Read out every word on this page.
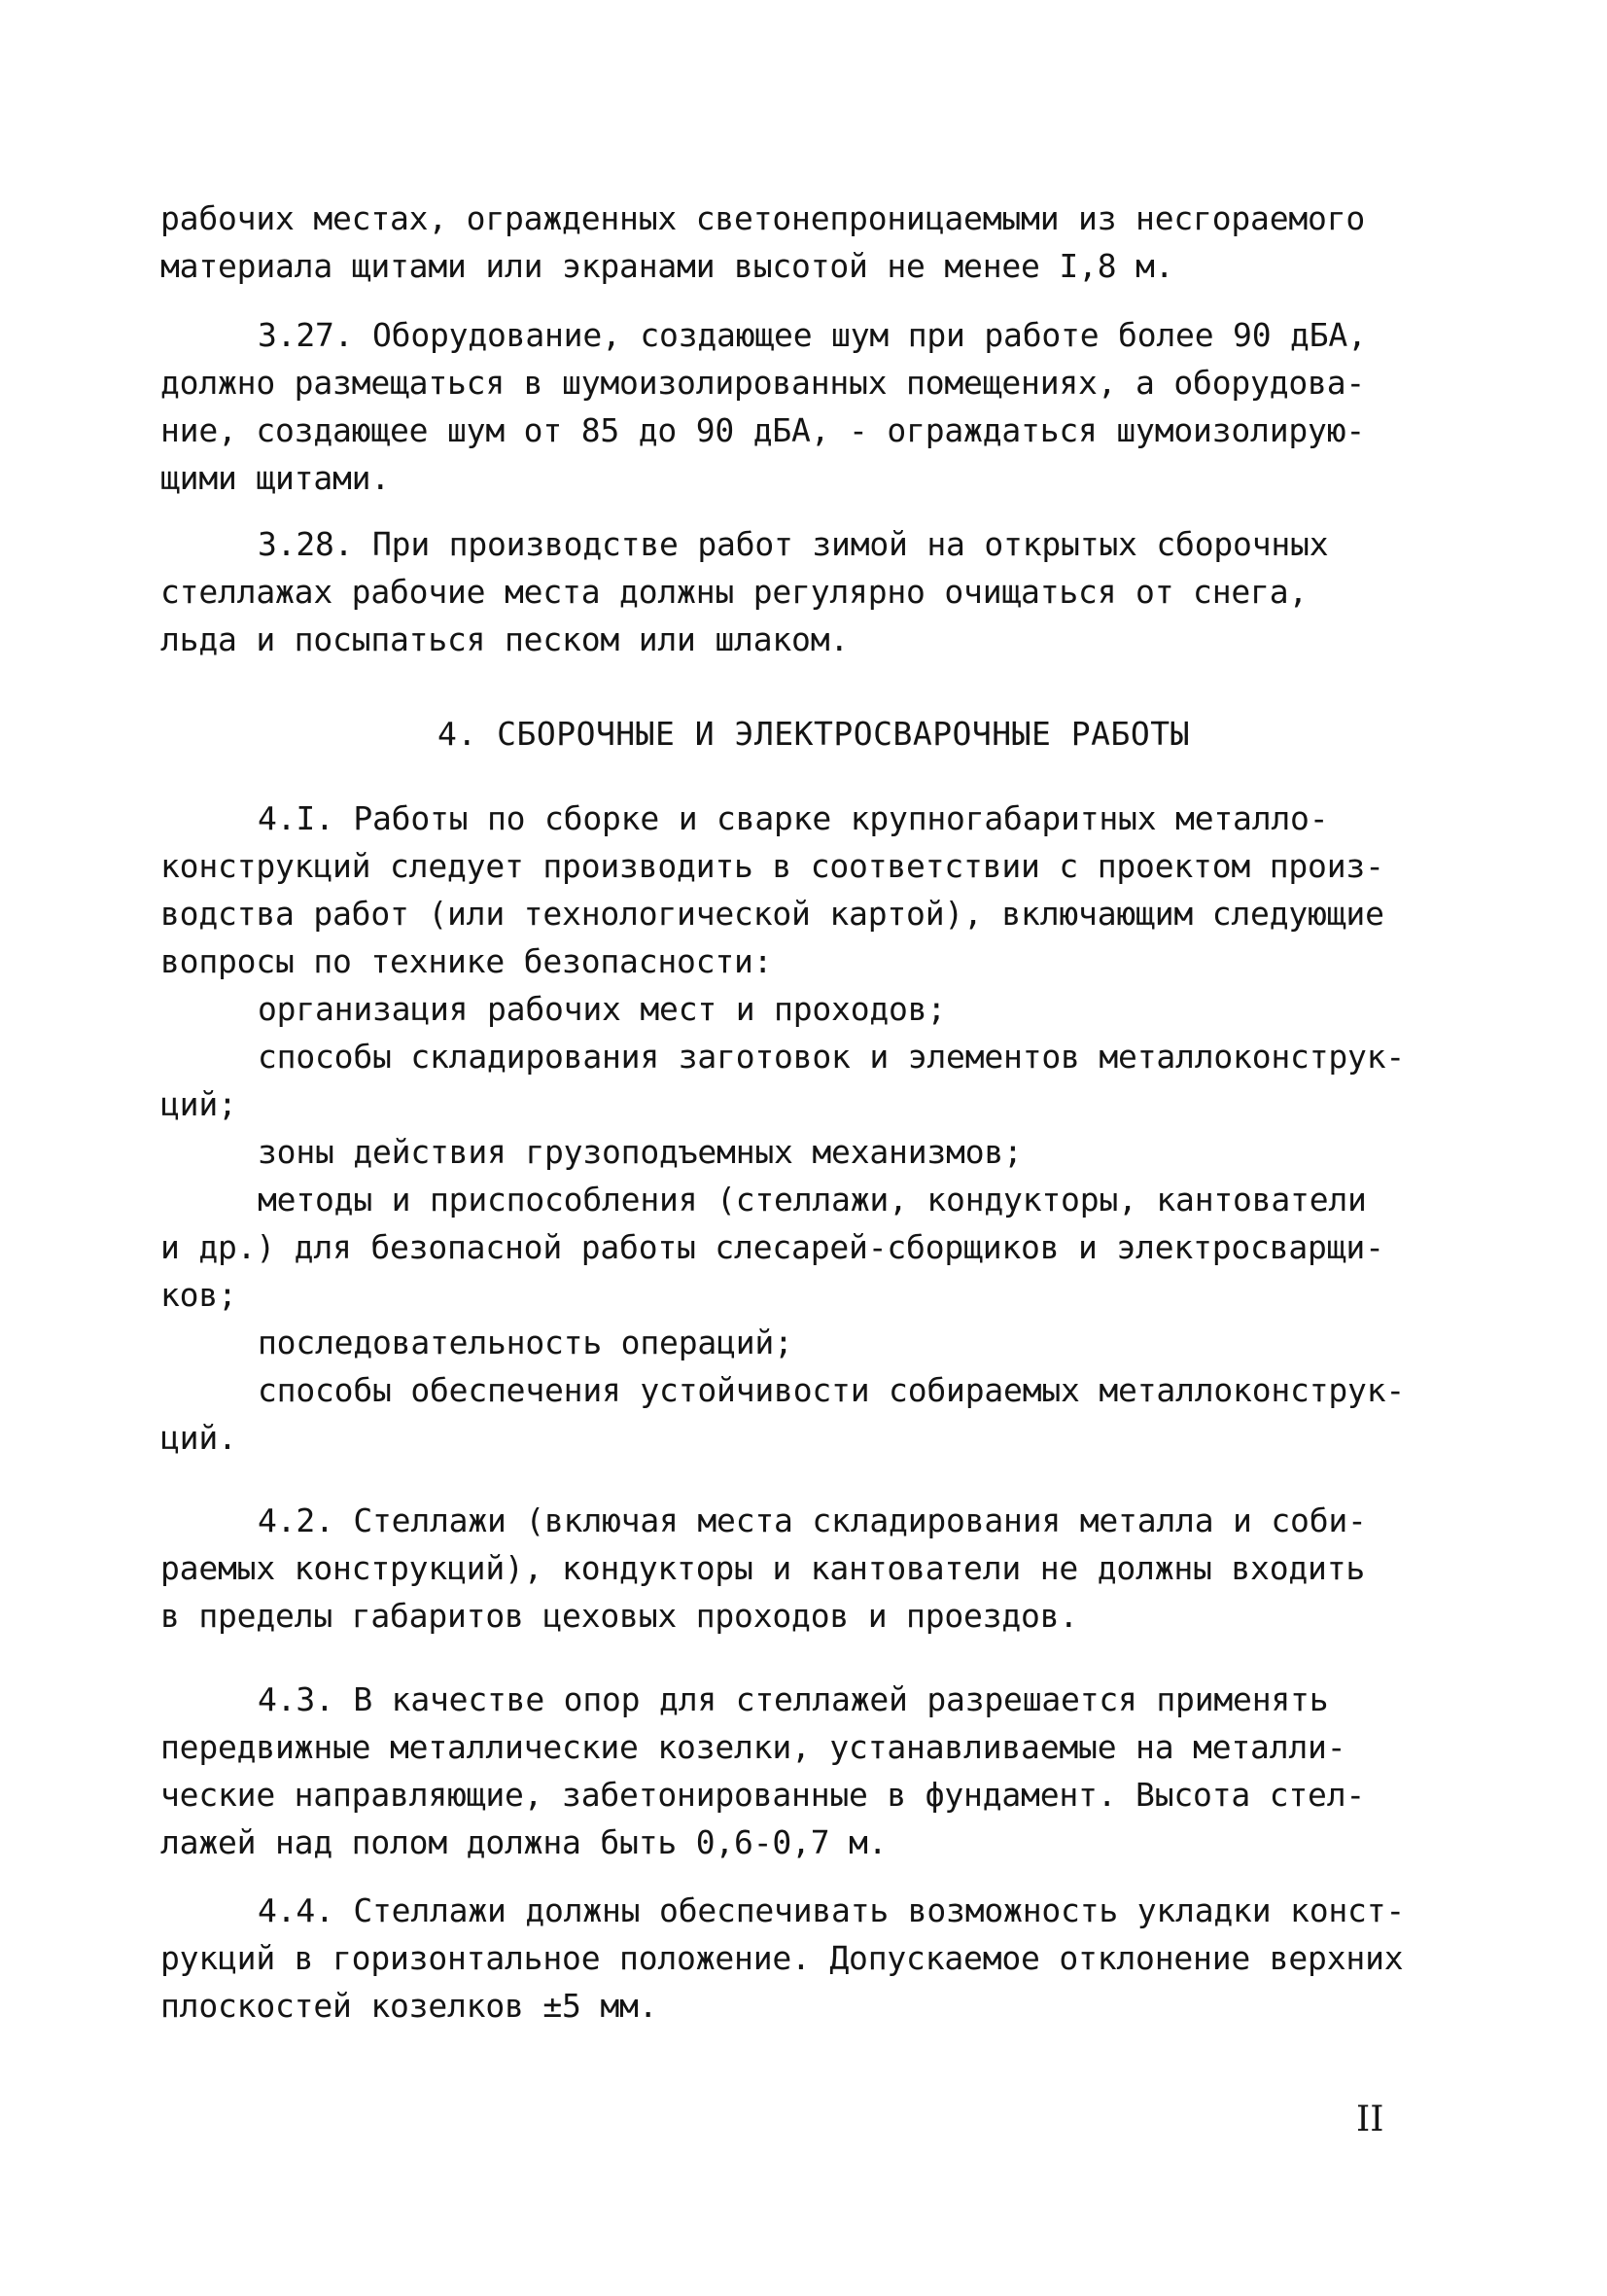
рабочих местах, огражденных светонепроницаемыми из несгораемого
материала щитами или экранами высотой не менее I,8 м.
3.27. Оборудование, создающее шум при работе более 90 дБА,
должно размещаться в шумоизолированных помещениях, а оборудова-
ние, создающее шум от 85 до 90 дБА, - ограждаться шумоизолирую-
щими щитами.
3.28. При производстве работ зимой на открытых сборочных
стеллажах рабочие места должны регулярно очищаться от снега,
льда и посыпаться песком или шлаком.
4. СБОРОЧНЫЕ И ЭЛЕКТРОСВАРОЧНЫЕ РАБОТЫ
4.I. Работы по сборке и сварке крупногабаритных металло-
конструкций следует производить в соответствии с проектом произ-
водства работ (или технологической картой), включающим следующие
вопросы по технике безопасности:
организация рабочих мест и проходов;
способы складирования заготовок и элементов металлоконструк-
ций;
зоны действия грузоподъемных механизмов;
методы и приспособления (стеллажи, кондукторы, кантователи
и др.) для безопасной работы слесарей-сборщиков и электросварщи-
ков;
последовательность операций;
способы обеспечения устойчивости собираемых металлоконструк-
ций.
4.2. Стеллажи (включая места складирования металла и соби-
раемых конструкций), кондукторы и кантователи не должны входить
в пределы габаритов цеховых проходов и проездов.
4.3. В качестве опор для стеллажей разрешается применять
передвижные металлические козелки, устанавливаемые на металли-
ческие направляющие, забетонированные в фундамент. Высота стел-
лажей над полом должна быть 0,6-0,7 м.
4.4. Стеллажи должны обеспечивать возможность укладки конст-
рукций в горизонтальное положение. Допускаемое отклонение верхних
плоскостей козелков ±5 мм.
II
